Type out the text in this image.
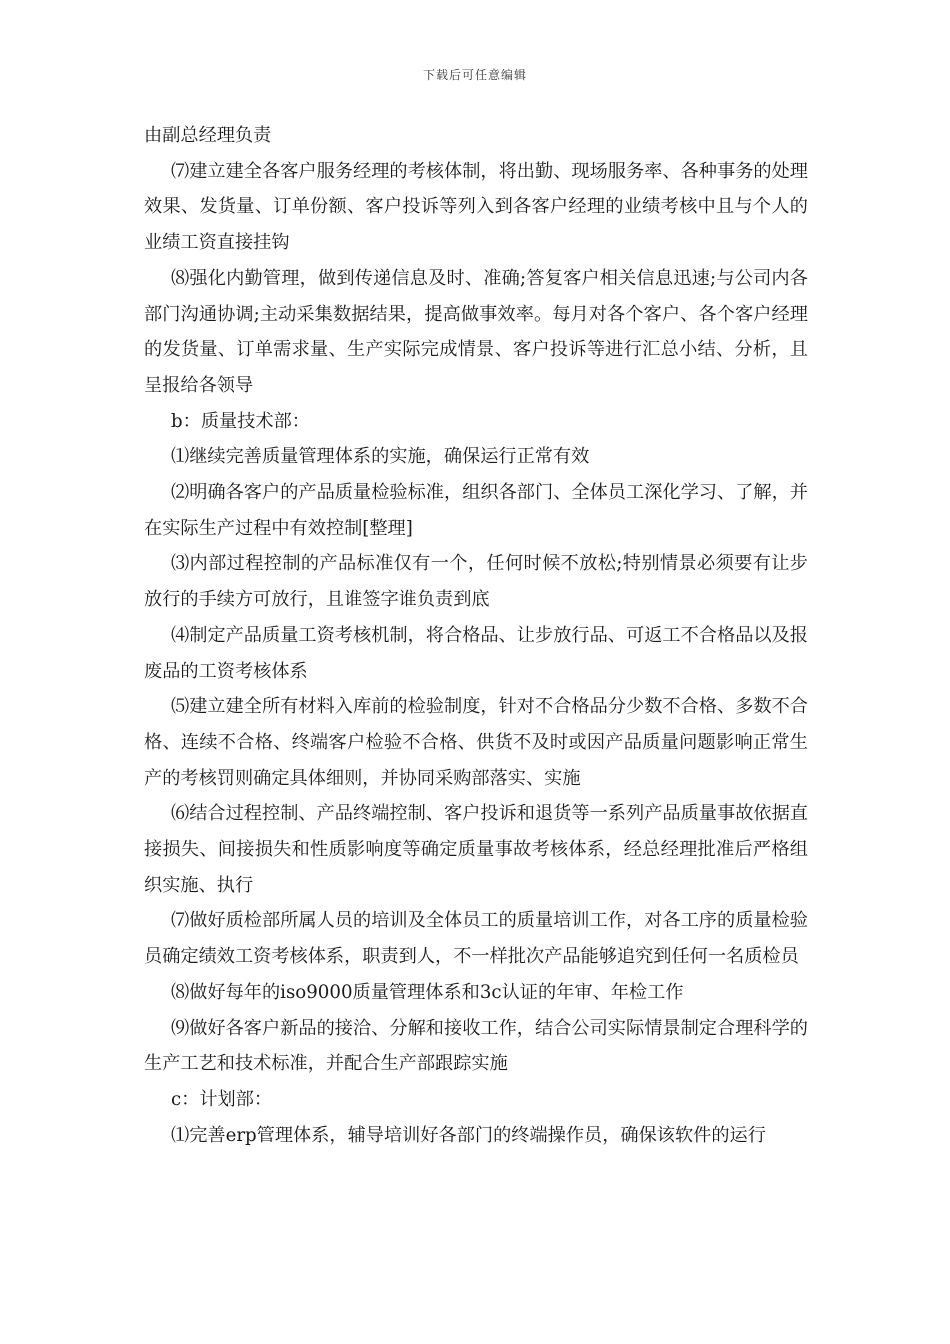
下载后可任意编辑

由副总经理负责

⑺建立建全各客户服务经理的考核体制，将出勤、现场服务率、各种事务的处理效果、发货量、订单份额、客户投诉等列入到各客户经理的业绩考核中且与个人的业绩工资直接挂钩

⑻强化内勤管理，做到传递信息及时、准确;答复客户相关信息迅速;与公司内各部门沟通协调;主动采集数据结果，提高做事效率。每月对各个客户、各个客户经理的发货量、订单需求量、生产实际完成情景、客户投诉等进行汇总小结、分析，且呈报给各领导

b：质量技术部：

⑴继续完善质量管理体系的实施，确保运行正常有效

⑵明确各客户的产品质量检验标准，组织各部门、全体员工深化学习、了解，并在实际生产过程中有效控制[整理]

⑶内部过程控制的产品标准仅有一个，任何时候不放松;特别情景必须要有让步放行的手续方可放行，且谁签字谁负责到底

⑷制定产品质量工资考核机制，将合格品、让步放行品、可返工不合格品以及报废品的工资考核体系

⑸建立建全所有材料入库前的检验制度，针对不合格品分少数不合格、多数不合格、连续不合格、终端客户检验不合格、供货不及时或因产品质量问题影响正常生产的考核罚则确定具体细则，并协同采购部落实、实施

⑹结合过程控制、产品终端控制、客户投诉和退货等一系列产品质量事故依据直接损失、间接损失和性质影响度等确定质量事故考核体系，经总经理批准后严格组织实施、执行

⑺做好质检部所属人员的培训及全体员工的质量培训工作，对各工序的质量检验员确定绩效工资考核体系，职责到人，不一样批次产品能够追究到任何一名质检员

⑻做好每年的iso9000质量管理体系和3c认证的年审、年检工作

⑼做好各客户新品的接洽、分解和接收工作，结合公司实际情景制定合理科学的生产工艺和技术标准，并配合生产部跟踪实施

c：计划部：

⑴完善erp管理体系，辅导培训好各部门的终端操作员，确保该软件的运行
